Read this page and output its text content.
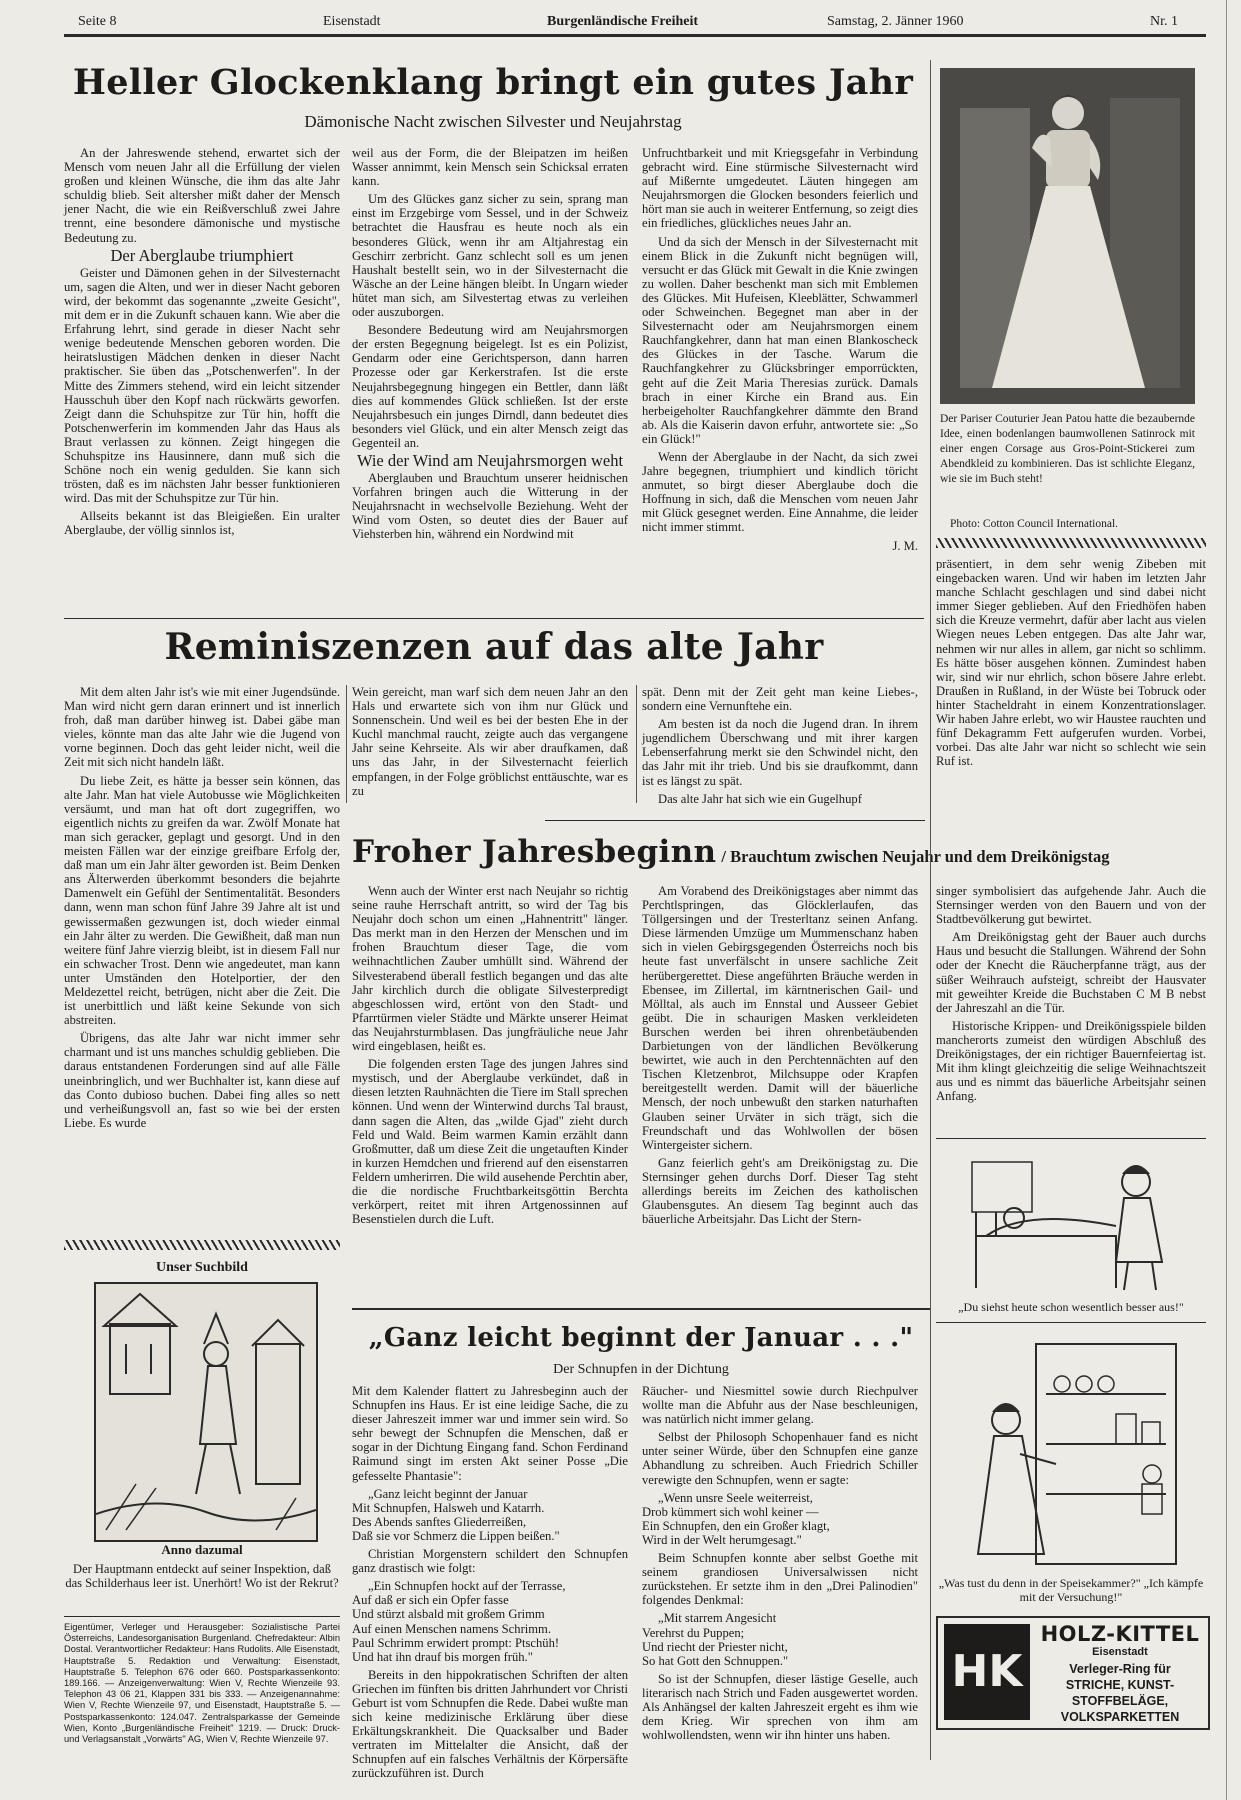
Seite 8	Eisenstadt	Burgenländische Freiheit	Samstag, 2. Jänner 1960	Nr. 1
Heller Glockenklang bringt ein gutes Jahr
Dämonische Nacht zwischen Silvester und Neujahrstag

An der Jahreswende stehend, erwartet sich der Mensch vom neuen Jahr all die Erfüllung der vielen großen und kleinen Wünsche, die ihm das alte Jahr schuldig blieb. Seit altersher mißt daher der Mensch jener Nacht, die wie ein Reißverschluß zwei Jahre trennt, eine besondere dämonische und mystische Bedeutung zu.

Der Aberglaube triumphiert

Geister und Dämonen gehen in der Silvesternacht um, sagen die Alten, und wer in dieser Nacht geboren wird, der bekommt das sogenannte „zweite Gesicht", mit dem er in die Zukunft schauen kann. Wie aber die Erfahrung lehrt, sind gerade in dieser Nacht sehr wenige bedeutende Menschen geboren worden. Die heiratslustigen Mädchen denken in dieser Nacht praktischer. Sie üben das „Potschenwerfen". In der Mitte des Zimmers stehend, wird ein leicht sitzender Hausschuh über den Kopf nach rückwärts geworfen. Zeigt dann die Schuhspitze zur Tür hin, hofft die Potschenwerferin im kommenden Jahr das Haus als Braut verlassen zu können. Zeigt hingegen die Schuhspitze ins Hausinnere, dann muß sich die Schöne noch ein wenig gedulden. Sie kann sich trösten, daß es im nächsten Jahr besser funktionieren wird. Das mit der Schuhspitze zur Tür hin.

Allseits bekannt ist das Bleigießen. Ein uralter Aberglaube, der völlig sinnlos ist,

weil aus der Form, die der Bleipatzen im heißen Wasser annimmt, kein Mensch sein Schicksal erraten kann.

Um des Glückes ganz sicher zu sein, sprang man einst im Erzgebirge vom Sessel, und in der Schweiz betrachtet die Hausfrau es heute noch als ein besonderes Glück, wenn ihr am Altjahrestag ein Geschirr zerbricht. Ganz schlecht soll es um jenen Haushalt bestellt sein, wo in der Silvesternacht die Wäsche an der Leine hängen bleibt. In Ungarn wieder hütet man sich, am Silvestertag etwas zu verleihen oder auszuborgen.

Besondere Bedeutung wird am Neujahrsmorgen der ersten Begegnung beigelegt. Ist es ein Polizist, Gendarm oder eine Gerichtsperson, dann harren Prozesse oder gar Kerkerstrafen. Ist die erste Neujahrsbegegnung hingegen ein Bettler, dann läßt dies auf kommendes Glück schließen. Ist der erste Neujahrsbesuch ein junges Dirndl, dann bedeutet dies besonders viel Glück, und ein alter Mensch zeigt das Gegenteil an.

Wie der Wind am Neujahrsmorgen weht

Aberglauben und Brauchtum unserer heidnischen Vorfahren bringen auch die Witterung in der Neujahrsnacht in wechselvolle Beziehung. Weht der Wind vom Osten, so deutet dies der Bauer auf Viehsterben hin, während ein Nordwind mit

Unfruchtbarkeit und mit Kriegsgefahr in Verbindung gebracht wird. Eine stürmische Silvesternacht wird auf Mißernte umgedeutet. Läuten hingegen am Neujahrsmorgen die Glocken besonders feierlich und hört man sie auch in weiterer Entfernung, so zeigt dies ein friedliches, glückliches neues Jahr an.

Und da sich der Mensch in der Silvesternacht mit einem Blick in die Zukunft nicht begnügen will, versucht er das Glück mit Gewalt in die Knie zwingen zu wollen. Daher beschenkt man sich mit Emblemen des Glückes. Mit Hufeisen, Kleeblätter, Schwammerl oder Schweinchen. Begegnet man aber in der Silvesternacht oder am Neujahrsmorgen einem Rauchfangkehrer, dann hat man einen Blankoscheck des Glückes in der Tasche. Warum die Rauchfangkehrer zu Glücksbringer emporrückten, geht auf die Zeit Maria Theresias zurück. Damals brach in einer Kirche ein Brand aus. Ein herbeigeholter Rauchfangkehrer dämmte den Brand ab. Als die Kaiserin davon erfuhr, antwortete sie: „So ein Glück!"

Wenn der Aberglaube in der Nacht, da sich zwei Jahre begegnen, triumphiert und kindlich töricht anmutet, so birgt dieser Aberglaube doch die Hoffnung in sich, daß die Menschen vom neuen Jahr mit Glück gesegnet werden. Eine Annahme, die leider nicht immer stimmt.

J. M.
Der Pariser Couturier Jean Patou hatte die bezaubernde Idee, einen bodenlangen baumwollenen Satinrock mit einer engen Corsage aus Gros-Point-Stickerei zum Abendkleid zu kombinieren. Das ist schlichte Eleganz, wie sie im Buch steht!
Photo: Cotton Council International.

präsentiert, in dem sehr wenig Zibeben mit eingebacken waren. Und wir haben im letzten Jahr manche Schlacht geschlagen und sind dabei nicht immer Sieger geblieben. Auf den Friedhöfen haben sich die Kreuze vermehrt, dafür aber lacht aus vielen Wiegen neues Leben entgegen. Das alte Jahr war, nehmen wir nur alles in allem, gar nicht so schlimm. Es hätte böser ausgehen können. Zumindest haben wir, sind wir nur ehrlich, schon bösere Jahre erlebt. Draußen in Rußland, in der Wüste bei Tobruck oder hinter Stacheldraht in einem Konzentrationslager. Wir haben Jahre erlebt, wo wir Haustee rauchten und fünf Dekagramm Fett aufgerufen wurden. Vorbei, vorbei. Das alte Jahr war nicht so schlecht wie sein Ruf ist.

Reminiszenzen auf das alte Jahr

Mit dem alten Jahr ist's wie mit einer Jugendsünde. Man wird nicht gern daran erinnert und ist innerlich froh, daß man darüber hinweg ist. Dabei gäbe man vieles, könnte man das alte Jahr wie die Jugend von vorne beginnen. Doch das geht leider nicht, weil die Zeit mit sich nicht handeln läßt.

Du liebe Zeit, es hätte ja besser sein können, das alte Jahr. Man hat viele Autobusse wie Möglichkeiten versäumt, und man hat oft dort zugegriffen, wo eigentlich nichts zu greifen da war. Zwölf Monate hat man sich geracker, geplagt und gesorgt. Und in den meisten Fällen war der einzige greifbare Erfolg der, daß man um ein Jahr älter geworden ist. Beim Denken ans Älterwerden überkommt besonders die bejahrte Damenwelt ein Gefühl der Sentimentalität. Besonders dann, wenn man schon fünf Jahre 39 Jahre alt ist und gewissermaßen gezwungen ist, doch wieder einmal ein Jahr älter zu werden. Die Gewißheit, daß man nun weitere fünf Jahre vierzig bleibt, ist in diesem Fall nur ein schwacher Trost. Denn wie angedeutet, man kann unter Umständen den Hotelportier, der den Meldezettel reicht, betrügen, nicht aber die Zeit. Die ist unerbittlich und läßt keine Sekunde von sich abstreiten.

Übrigens, das alte Jahr war nicht immer sehr charmant und ist uns manches schuldig geblieben. Die daraus entstandenen Forderungen sind auf alle Fälle uneinbringlich, und wer Buchhalter ist, kann diese auf das Conto dubioso buchen. Dabei fing alles so nett und verheißungsvoll an, fast so wie bei der ersten Liebe. Es wurde

Wein gereicht, man warf sich dem neuen Jahr an den Hals und erwartete sich von ihm nur Glück und Sonnenschein. Und weil es bei der besten Ehe in der Kuchl manchmal raucht, zeigte auch das vergangene Jahr seine Kehrseite. Als wir aber draufkamen, daß uns das Jahr, in der Silvesternacht feierlich empfangen, in der Folge gröblichst enttäuschte, war es zu

spät. Denn mit der Zeit geht man keine Liebes-, sondern eine Vernunftehe ein.

Am besten ist da noch die Jugend dran. In ihrem jugendlichem Überschwang und mit ihrer kargen Lebenserfahrung merkt sie den Schwindel nicht, den das Jahr mit ihr trieb. Und bis sie draufkommt, dann ist es längst zu spät.

Das alte Jahr hat sich wie ein Gugelhupf

Froher Jahresbeginn / Brauchtum zwischen Neujahr und dem Dreikönigstag

Wenn auch der Winter erst nach Neujahr so richtig seine rauhe Herrschaft antritt, so wird der Tag bis Neujahr doch schon um einen „Hahnentritt" länger. Das merkt man in den Herzen der Menschen und im frohen Brauchtum dieser Tage, die vom weihnachtlichen Zauber umhüllt sind. Während der Silvesterabend überall festlich begangen und das alte Jahr kirchlich durch die obligate Silvesterpredigt abgeschlossen wird, ertönt von den Stadt- und Pfarrtürmen vieler Städte und Märkte unserer Heimat das Neujahrsturmblasen. Das jungfräuliche neue Jahr wird eingeblasen, heißt es.

Die folgenden ersten Tage des jungen Jahres sind mystisch, und der Aberglaube verkündet, daß in diesen letzten Rauhnächten die Tiere im Stall sprechen können. Und wenn der Winterwind durchs Tal braust, dann sagen die Alten, das „wilde Gjad" zieht durch Feld und Wald. Beim warmen Kamin erzählt dann Großmutter, daß um diese Zeit die ungetauften Kinder in kurzen Hemdchen und frierend auf den eisenstarren Feldern umherirren. Die wild ausehende Perchtin aber, die die nordische Fruchtbarkeitsgöttin Berchta verkörpert, reitet mit ihren Artgenossinnen auf Besenstielen durch die Luft.

Am Vorabend des Dreikönigstages aber nimmt das Perchtlspringen, das Glöcklerlaufen, das Töllgersingen und der Tresterltanz seinen Anfang. Diese lärmenden Umzüge um Mummenschanz haben sich in vielen Gebirgsgegenden Österreichs noch bis heute fast unverfälscht in unsere sachliche Zeit herübergerettet. Diese angeführten Bräuche werden in Ebensee, im Zillertal, im kärntnerischen Gail- und Mölltal, als auch im Ennstal und Ausseer Gebiet geübt. Die in schaurigen Masken verkleideten Burschen werden bei ihren ohrenbetäubenden Darbietungen von der ländlichen Bevölkerung bewirtet, wie auch in den Perchtennächten auf den Tischen Kletzenbrot, Milchsuppe oder Krapfen bereitgestellt werden. Damit will der bäuerliche Mensch, der noch unbewußt den starken naturhaften Glauben seiner Urväter in sich trägt, sich die Freundschaft und das Wohlwollen der bösen Wintergeister sichern.

Ganz feierlich geht's am Dreikönigstag zu. Die Sternsinger gehen durchs Dorf. Dieser Tag steht allerdings bereits im Zeichen des katholischen Glaubensgutes. An diesem Tag beginnt auch das bäuerliche Arbeitsjahr. Das Licht der Stern-

singer symbolisiert das aufgehende Jahr. Auch die Sternsinger werden von den Bauern und von der Stadtbevölkerung gut bewirtet.

Am Dreikönigstag geht der Bauer auch durchs Haus und besucht die Stallungen. Während der Sohn oder der Knecht die Räucherpfanne trägt, aus der süßer Weihrauch aufsteigt, schreibt der Hausvater mit geweihter Kreide die Buchstaben C M B nebst der Jahreszahl an die Tür.

Historische Krippen- und Dreikönigsspiele bilden mancherorts zumeist den würdigen Abschluß des Dreikönigstages, der ein richtiger Bauernfeiertag ist. Mit ihm klingt gleichzeitig die selige Weihnachtszeit aus und es nimmt das bäuerliche Arbeitsjahr seinen Anfang.

Unser Suchbild
Anno dazumal
Der Hauptmann entdeckt auf seiner Inspektion, daß das Schilderhaus leer ist. Unerhört! Wo ist der Rekrut?
Eigentümer, Verleger und Herausgeber: Sozialistische Partei Österreichs, Landesorganisation Burgenland. Chefredakteur: Albin Dostal. Verantwortlicher Redakteur: Hans Rudolits. Alle Eisenstadt, Hauptstraße 5. Redaktion und Verwaltung: Eisenstadt, Hauptstraße 5. Telephon 676 oder 660. Postsparkassenkonto: 189.166. — Anzeigenverwaltung: Wien V, Rechte Wienzeile 93. Telephon 43 06 21, Klappen 331 bis 333. — Anzeigenannahme: Wien V, Rechte Wienzeile 97, und Eisenstadt, Hauptstraße 5. — Postsparkassenkonto: 124.047. Zentralsparkasse der Gemeinde Wien, Konto „Burgenländische Freiheit" 1219. — Druck: Druck- und Verlagsanstalt „Vorwärts" AG, Wien V, Rechte Wienzeile 97.
„Ganz leicht beginnt der Januar . . ."
Der Schnupfen in der Dichtung

Mit dem Kalender flattert zu Jahresbeginn auch der Schnupfen ins Haus. Er ist eine leidige Sache, die zu dieser Jahreszeit immer war und immer sein wird. So sehr bewegt der Schnupfen die Menschen, daß er sogar in der Dichtung Eingang fand. Schon Ferdinand Raimund singt im ersten Akt seiner Posse „Die gefesselte Phantasie":

„Ganz leicht beginnt der Januar
Mit Schnupfen, Halsweh und Katarrh.
Des Abends sanftes Gliederreißen,
Daß sie vor Schmerz die Lippen beißen."

Christian Morgenstern schildert den Schnupfen ganz drastisch wie folgt:

„Ein Schnupfen hockt auf der Terrasse,
Auf daß er sich ein Opfer fasse
Und stürzt alsbald mit großem Grimm
Auf einen Menschen namens Schrimm.
Paul Schrimm erwidert prompt: Ptschüh!
Und hat ihn drauf bis morgen früh."

Bereits in den hippokratischen Schriften der alten Griechen im fünften bis dritten Jahrhundert vor Christi Geburt ist vom Schnupfen die Rede. Dabei wußte man sich keine medizinische Erklärung über diese Erkältungskrankheit. Die Quacksalber und Bader vertraten im Mittelalter die Ansicht, daß der Schnupfen auf ein falsches Verhältnis der Körpersäfte zurückzuführen ist. Durch

Räucher- und Niesmittel sowie durch Riechpulver wollte man die Abfuhr aus der Nase beschleunigen, was natürlich nicht immer gelang.

Selbst der Philosoph Schopenhauer fand es nicht unter seiner Würde, über den Schnupfen eine ganze Abhandlung zu schreiben. Auch Friedrich Schiller verewigte den Schnupfen, wenn er sagte:

„Wenn unsre Seele weiterreist,
Drob kümmert sich wohl keiner —
Ein Schnupfen, den ein Großer klagt,
Wird in der Welt herumgesagt."

Beim Schnupfen konnte aber selbst Goethe mit seinem grandiosen Universalwissen nicht zurückstehen. Er setzte ihm in den „Drei Palinodien" folgendes Denkmal:

„Mit starrem Angesicht
Verehrst du Puppen;
Und riecht der Priester nicht,
So hat Gott den Schnuppen."

So ist der Schnupfen, dieser lästige Geselle, auch literarisch nach Strich und Faden ausgewertet worden. Als Anhängsel der kalten Jahreszeit ergeht es ihm wie dem Krieg. Wir sprechen von ihm am wohlwollendsten, wenn wir ihn hinter uns haben.

„Du siehst heute schon wesentlich besser aus!"
„Was tust du denn in der Speisekammer?" „Ich kämpfe mit der Versuchung!"
HK
HOLZ-KITTEL
Eisenstadt
Verleger-Ring für
STRICHE, KUNST-
STOFFBELÄGE,
VOLKSPARKETTEN
